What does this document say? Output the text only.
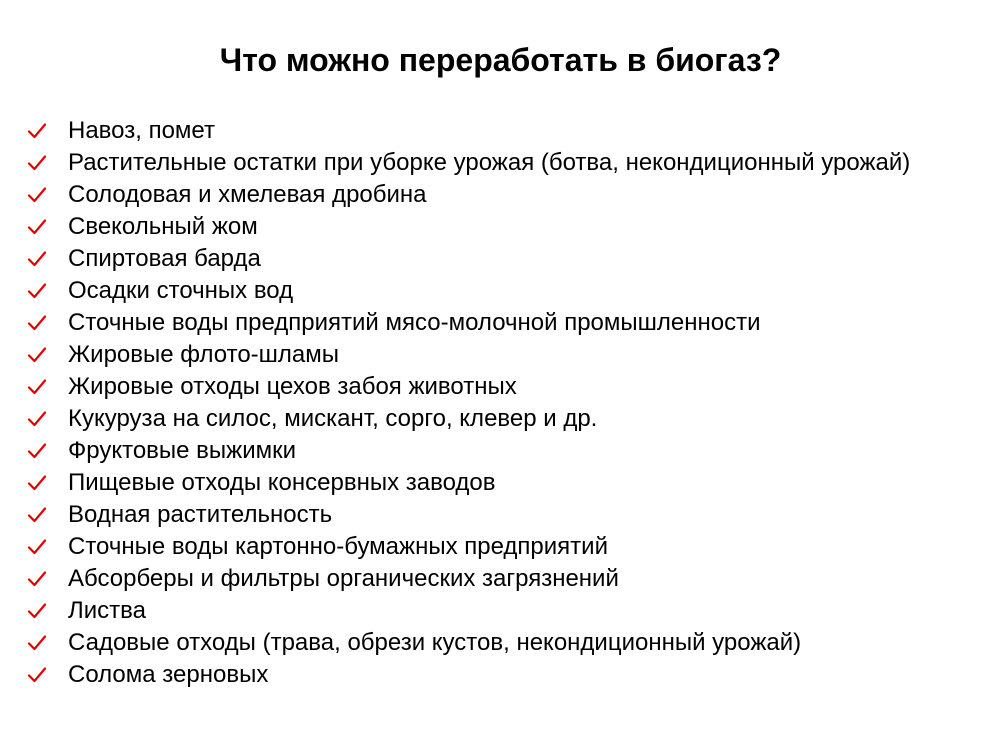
Что можно переработать в биогаз?
Навоз, помет
Растительные остатки при уборке урожая (ботва, некондиционный урожай)
Солодовая и хмелевая дробина
Свекольный жом
Спиртовая барда
Осадки сточных вод
Сточные воды предприятий мясо-молочной промышленности
Жировые флото-шламы
Жировые отходы цехов забоя животных
Кукуруза на силос, мискант, сорго, клевер и др.
Фруктовые выжимки
Пищевые отходы консервных заводов
Водная растительность
Сточные воды картонно-бумажных предприятий
Абсорберы и фильтры органических загрязнений
Листва
Садовые отходы (трава, обрези кустов, некондиционный урожай)
Солома зерновых
